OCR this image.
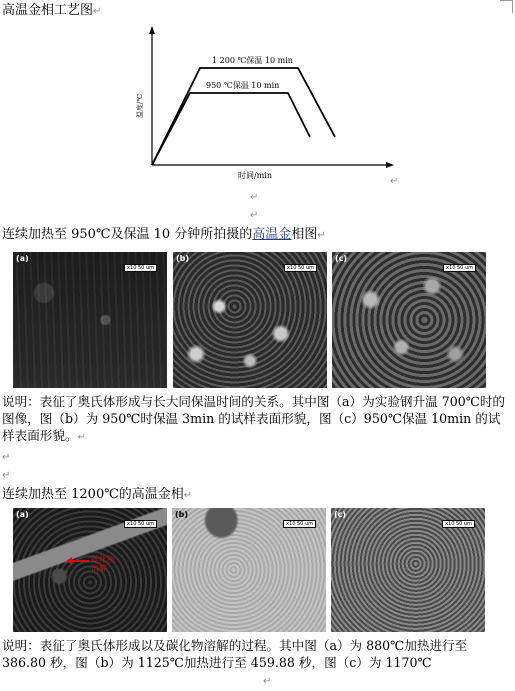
高温金相工艺图↵
1 200 ℃保温 10 min
950 ℃保温 10 min
温度/℃
时间/min
↵
↵
↵
连续加热至 950℃及保温 10 分钟所拍摄的高温金相图↵
(a)
x10 50 um
(b)
x10 50 um
(c)
x10 50 um
说明：表征了奥氏体形成与长大同保温时间的关系。其中图（a）为实验钢升温 700℃时的图像，图（b）为 950℃时保温 3min 的试样表面形貌，图（c）950℃保温 10min 的试样表面形貌。↵
↵
↵
连续加热至 1200℃的高温金相↵
(a)
x10 50 um
碳化物溶解
(b)
x10 50 um
(c)
x10 50 um
说明：表征了奥氏体形成以及碳化物溶解的过程。其中图（a）为 880℃加热进行至 386.80 秒，图（b）为 1125℃加热进行至 459.88 秒，图（c）为 1170℃
↵
